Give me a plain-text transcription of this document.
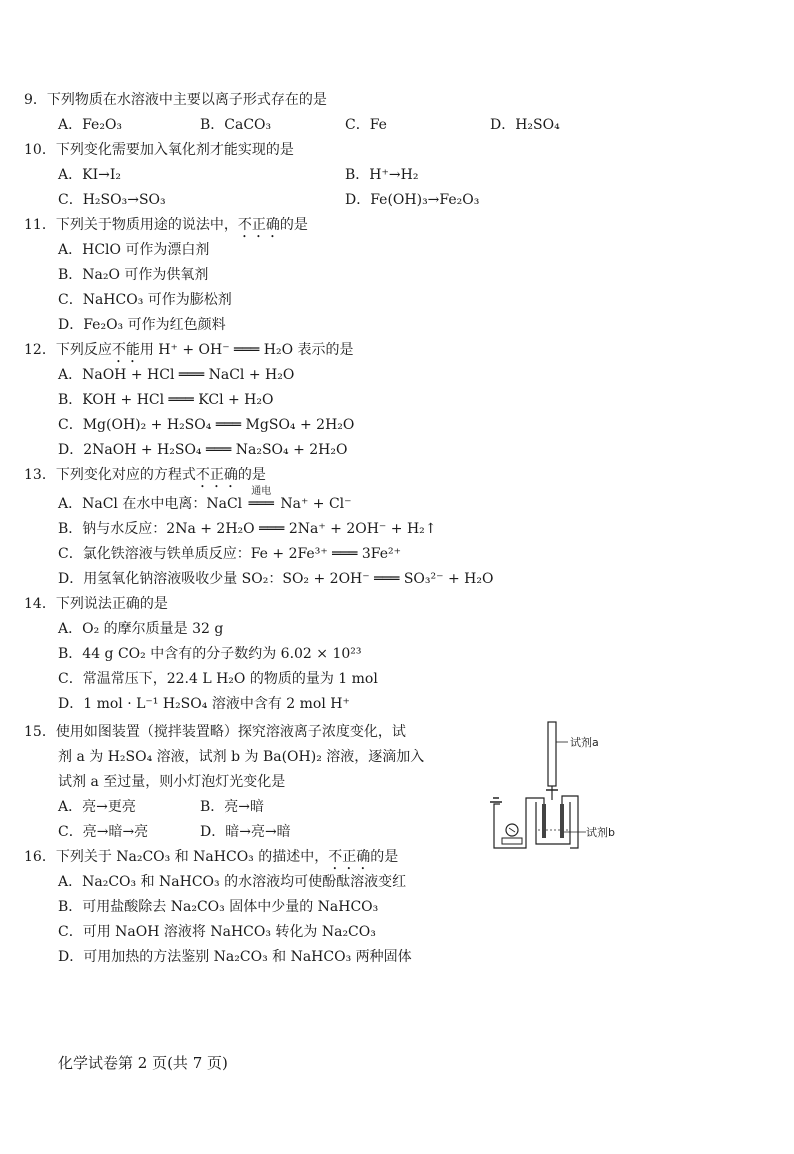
9．下列物质在水溶液中主要以离子形式存在的是
A．Fe₂O₃	B．CaCO₃	C．Fe	D．H₂SO₄
10．下列变化需要加入氧化剂才能实现的是
A．KI→I₂	B．H⁺→H₂
C．H₂SO₃→SO₃	D．Fe(OH)₃→Fe₂O₃
11．下列关于物质用途的说法中，不正确的是
A．HClO 可作为漂白剂
B．Na₂O 可作为供氧剂
C．NaHCO₃ 可作为膨松剂
D．Fe₂O₃ 可作为红色颜料
12．下列反应不能用 H⁺ + OH⁻ ═══ H₂O 表示的是
A．NaOH + HCl ═══ NaCl + H₂O
B．KOH + HCl ═══ KCl + H₂O
C．Mg(OH)₂ + H₂SO₄ ═══ MgSO₄ + 2H₂O
D．2NaOH + H₂SO₄ ═══ Na₂SO₄ + 2H₂O
13．下列变化对应的方程式不正确的是
A．NaCl 在水中电离：NaCl
通电
═══ Na⁺ + Cl⁻
B．钠与水反应：2Na + 2H₂O ═══ 2Na⁺ + 2OH⁻ + H₂↑
C．氯化铁溶液与铁单质反应：Fe + 2Fe³⁺ ═══ 3Fe²⁺
D．用氢氧化钠溶液吸收少量 SO₂：SO₂ + 2OH⁻ ═══ SO₃²⁻ + H₂O
14．下列说法正确的是
A．O₂ 的摩尔质量是 32 g
B．44 g CO₂ 中含有的分子数约为 6.02 × 10²³
C．常温常压下，22.4 L H₂O 的物质的量为 1 mol
D．1 mol · L⁻¹ H₂SO₄ 溶液中含有 2 mol H⁺
15．使用如图装置（搅拌装置略）探究溶液离子浓度变化，试
剂 a 为 H₂SO₄ 溶液，试剂 b 为 Ba(OH)₂ 溶液，逐滴加入
试剂 a 至过量，则小灯泡灯光变化是
A．亮→更亮	B．亮→暗
C．亮→暗→亮	D．暗→亮→暗
试剂a
试剂b
16．下列关于 Na₂CO₃ 和 NaHCO₃ 的描述中，不正确的是
A．Na₂CO₃ 和 NaHCO₃ 的水溶液均可使酚酞溶液变红
B．可用盐酸除去 Na₂CO₃ 固体中少量的 NaHCO₃
C．可用 NaOH 溶液将 NaHCO₃ 转化为 Na₂CO₃
D．可用加热的方法鉴别 Na₂CO₃ 和 NaHCO₃ 两种固体
化学试卷第 2 页(共 7 页)
